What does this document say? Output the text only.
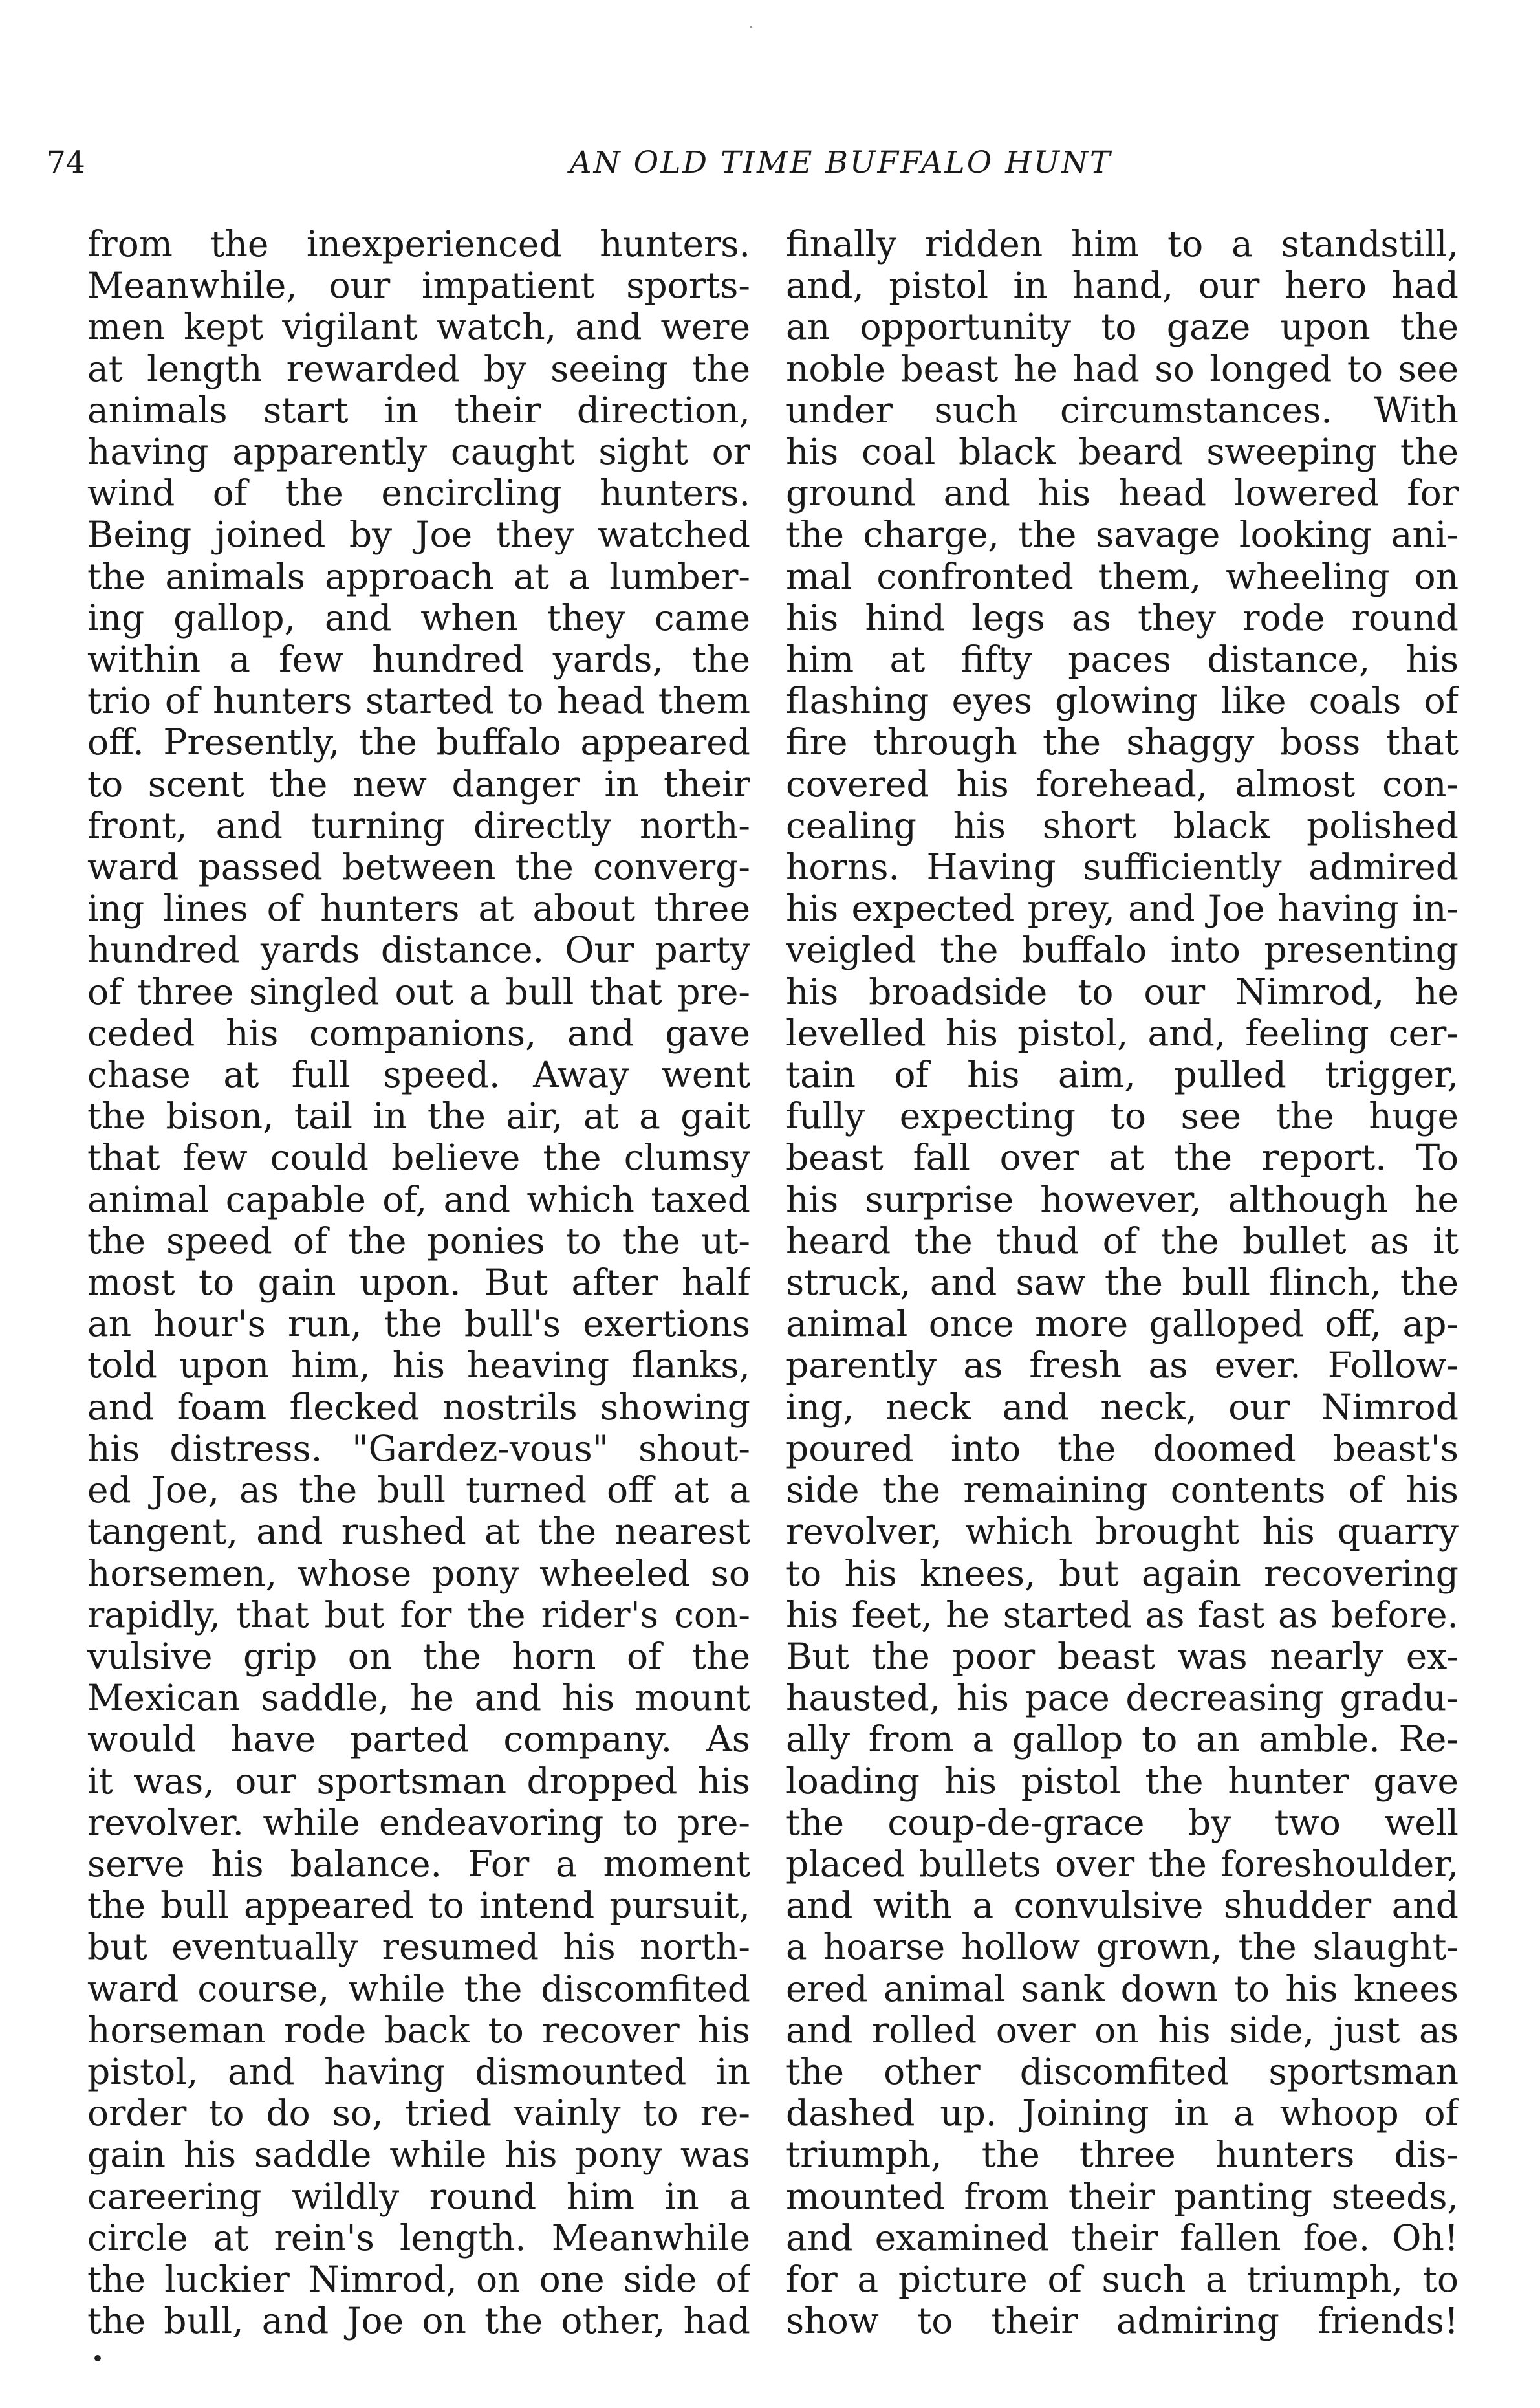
74	AN OLD TIME BUFFALO HUNT
from the inexperienced hunters.
Meanwhile, our impatient sports-
men kept vigilant watch, and were
at length rewarded by seeing the
animals start in their direction,
having apparently caught sight or
wind of the encircling hunters.
Being joined by Joe they watched
the animals approach at a lumber-
ing gallop, and when they came
within a few hundred yards, the
trio of hunters started to head them
off. Presently, the buffalo appeared
to scent the new danger in their
front, and turning directly north-
ward passed between the converg-
ing lines of hunters at about three
hundred yards distance. Our party
of three singled out a bull that pre-
ceded his companions, and gave
chase at full speed. Away went
the bison, tail in the air, at a gait
that few could believe the clumsy
animal capable of, and which taxed
the speed of the ponies to the ut-
most to gain upon. But after half
an hour's run, the bull's exertions
told upon him, his heaving flanks,
and foam flecked nostrils showing
his distress. "Gardez-vous" shout-
ed Joe, as the bull turned off at a
tangent, and rushed at the nearest
horsemen, whose pony wheeled so
rapidly, that but for the rider's con-
vulsive grip on the horn of the
Mexican saddle, he and his mount
would have parted company. As
it was, our sportsman dropped his
revolver. while endeavoring to pre-
serve his balance. For a moment
the bull appeared to intend pursuit,
but eventually resumed his north-
ward course, while the discomfited
horseman rode back to recover his
pistol, and having dismounted in
order to do so, tried vainly to re-
gain his saddle while his pony was
careering wildly round him in a
circle at rein's length. Meanwhile
the luckier Nimrod, on one side of
the bull, and Joe on the other, had
finally ridden him to a standstill,
and, pistol in hand, our hero had
an opportunity to gaze upon the
noble beast he had so longed to see
under such circumstances. With
his coal black beard sweeping the
ground and his head lowered for
the charge, the savage looking ani-
mal confronted them, wheeling on
his hind legs as they rode round
him at fifty paces distance, his
flashing eyes glowing like coals of
fire through the shaggy boss that
covered his forehead, almost con-
cealing his short black polished
horns. Having sufficiently admired
his expected prey, and Joe having in-
veigled the buffalo into presenting
his broadside to our Nimrod, he
levelled his pistol, and, feeling cer-
tain of his aim, pulled trigger,
fully expecting to see the huge
beast fall over at the report. To
his surprise however, although he
heard the thud of the bullet as it
struck, and saw the bull flinch, the
animal once more galloped off, ap-
parently as fresh as ever. Follow-
ing, neck and neck, our Nimrod
poured into the doomed beast's
side the remaining contents of his
revolver, which brought his quarry
to his knees, but again recovering
his feet, he started as fast as before.
But the poor beast was nearly ex-
hausted, his pace decreasing gradu-
ally from a gallop to an amble. Re-
loading his pistol the hunter gave
the coup-de-grace by two well
placed bullets over the foreshoulder,
and with a convulsive shudder and
a hoarse hollow grown, the slaught-
ered animal sank down to his knees
and rolled over on his side, just as
the other discomfited sportsman
dashed up. Joining in a whoop of
triumph, the three hunters dis-
mounted from their panting steeds,
and examined their fallen foe. Oh!
for a picture of such a triumph, to
show to their admiring friends!
